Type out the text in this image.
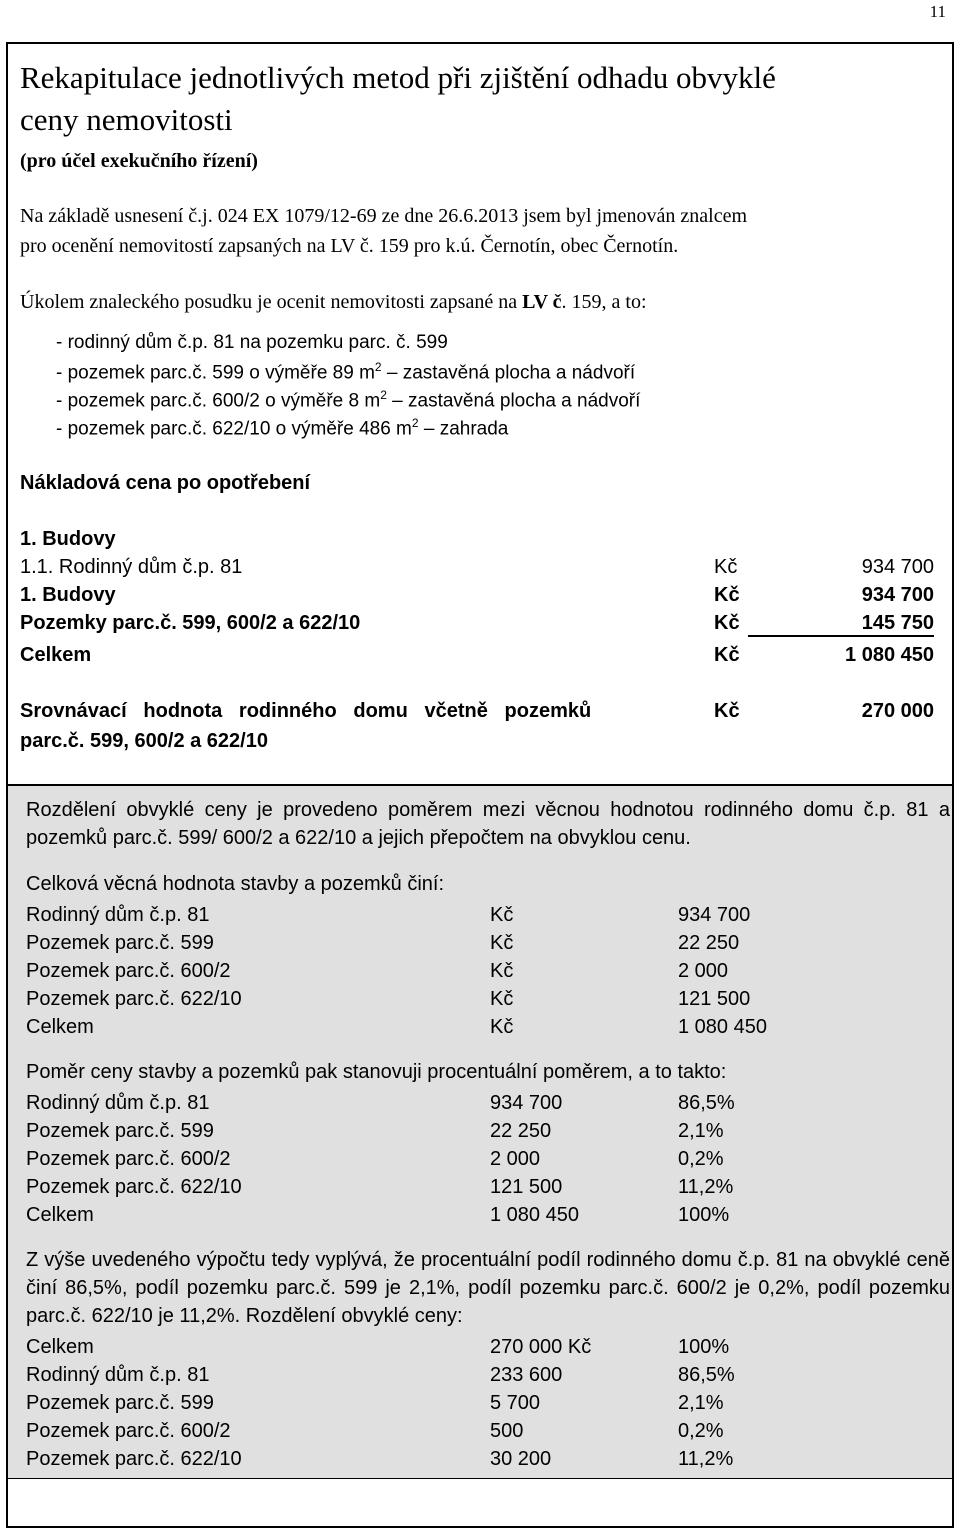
11
Rekapitulace jednotlivých metod při zjištění odhadu obvyklé
ceny nemovitosti
(pro účel exekučního řízení)
Na základě usnesení č.j. 024 EX 1079/12-69 ze dne 26.6.2013 jsem byl jmenován znalcem
pro ocenění nemovitostí zapsaných na LV č. 159 pro k.ú. Černotín, obec Černotín.
Úkolem znaleckého posudku je ocenit nemovitosti zapsané na LV č. 159, a to:
- rodinný dům č.p. 81 na pozemku parc. č. 599
- pozemek parc.č. 599 o výměře 89 $m^2$ – zastavěná plocha a nádvoří
- pozemek parc.č. 600/2 o výměře 8 $m^2$ – zastavěná plocha a nádvoří
- pozemek parc.č. 622/10 o výměře 486 $m^2$ – zahrada
Nákladová cena po opotřebení
1. Budovy
1.1. Rodinný dům č.p. 81	Kč	934 700
1. Budovy	Kč	934 700
Pozemky parc.č. 599, 600/2 a 622/10	Kč	145 750
Celkem	Kč	1 080 450
Srovnávací   hodnota   rodinného   domu   včetně   pozemků	Kč	270 000
parc.č. 599, 600/2 a 622/10
Rozdělení obvyklé ceny je provedeno poměrem mezi věcnou hodnotou rodinného domu č.p. 81 a pozemků parc.č. 599/ 600/2 a 622/10 a jejich přepočtem na obvyklou cenu.
Celková věcná hodnota stavby a pozemků činí:
Rodinný dům č.p. 81	Kč	934 700
Pozemek parc.č. 599	Kč	22 250
Pozemek parc.č. 600/2	Kč	2 000
Pozemek parc.č. 622/10	Kč	121 500
Celkem	Kč	1 080 450
Poměr ceny stavby a pozemků pak stanovuji procentuální poměrem, a to takto:
Rodinný dům č.p. 81	934 700	86,5%
Pozemek parc.č. 599	22 250	2,1%
Pozemek parc.č. 600/2	2 000	0,2%
Pozemek parc.č. 622/10	121 500	11,2%
Celkem	1 080 450	100%
Z výše uvedeného výpočtu tedy vyplývá, že procentuální podíl rodinného domu č.p. 81 na obvyklé ceně činí 86,5%, podíl pozemku parc.č. 599 je 2,1%, podíl pozemku parc.č. 600/2 je 0,2%, podíl pozemku parc.č. 622/10 je 11,2%. Rozdělení obvyklé ceny:
Celkem	270 000 Kč	100%
Rodinný dům č.p. 81	233 600	86,5%
Pozemek parc.č. 599	5 700	2,1%
Pozemek parc.č. 600/2	500	0,2%
Pozemek parc.č. 622/10	30 200	11,2%
